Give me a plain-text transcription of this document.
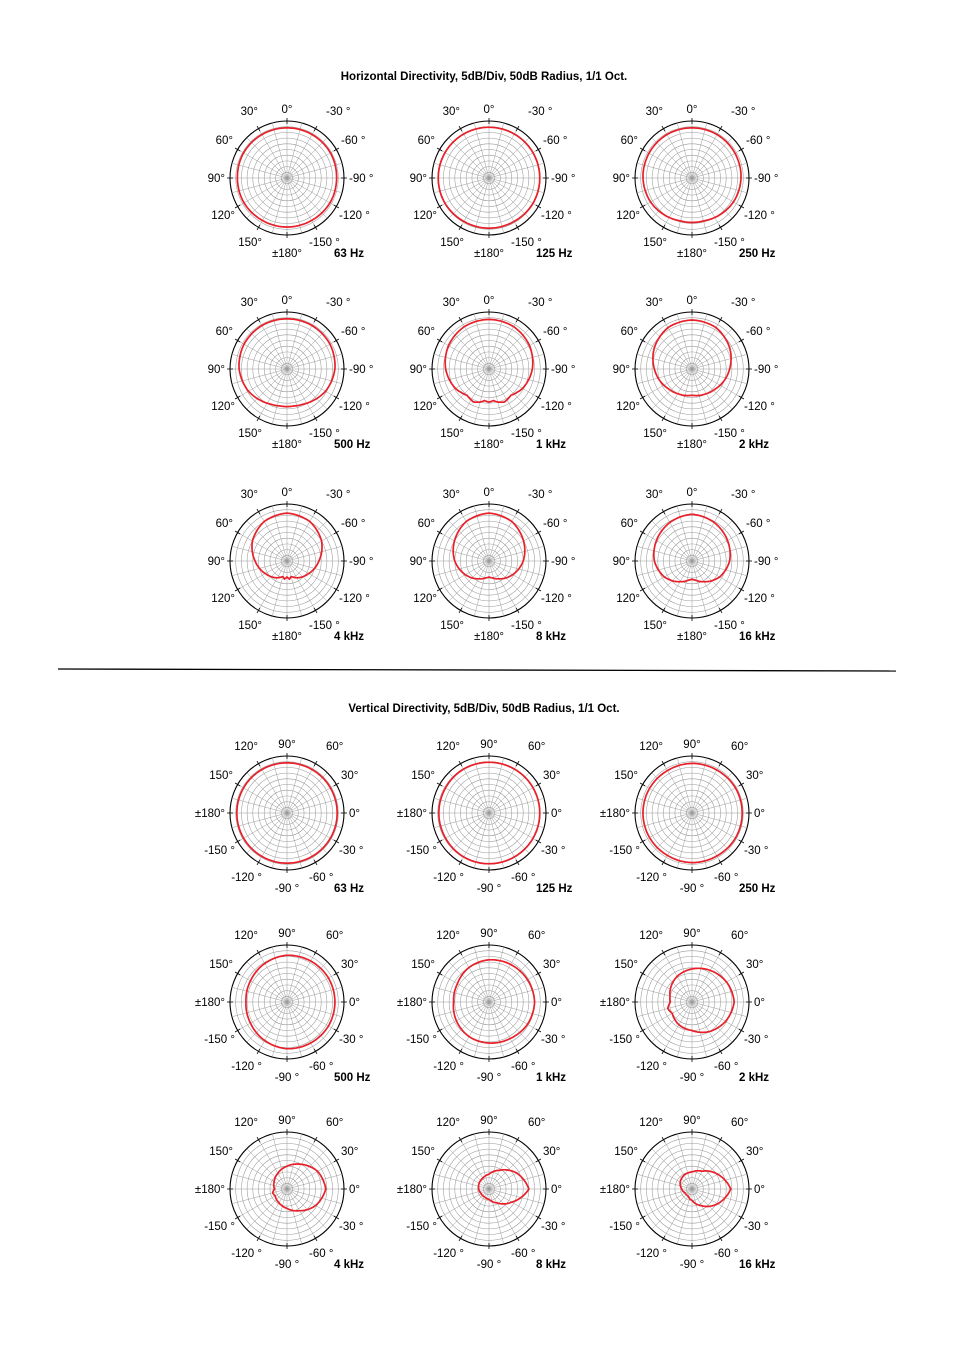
Horizontal Directivity, 5dB/Div, 50dB Radius, 1/1 Oct.
0°	-30 °
-60 °
-90 °
-120 °
-150 °
±180°
150°
120°
90°
60°
30°
63 Hz
0°	-30 °
-60 °
-90 °
-120 °
-150 °
±180°
150°
120°
90°
60°
30°
125 Hz
0°	-30 °
-60 °
-90 °
-120 °
-150 °
±180°
150°
120°
90°
60°
30°
250 Hz
0°	-30 °
-60 °
-90 °
-120 °
-150 °
±180°
150°
120°
90°
60°
30°
500 Hz
0°	-30 °
-60 °
-90 °
-120 °
-150 °
±180°
150°
120°
90°
60°
30°
1 kHz
0°	-30 °
-60 °
-90 °
-120 °
-150 °
±180°
150°
120°
90°
60°
30°
2 kHz
0°	-30 °
-60 °
-90 °
-120 °
-150 °
±180°
150°
120°
90°
60°
30°
4 kHz
0°	-30 °
-60 °
-90 °
-120 °
-150 °
±180°
150°
120°
90°
60°
30°
8 kHz
0°	-30 °
-60 °
-90 °
-120 °
-150 °
±180°
150°
120°
90°
60°
30°
16 kHz
Vertical Directivity, 5dB/Div, 50dB Radius, 1/1 Oct.
90°	60°
30°
0°
-30 °
-60 °
-90 °
-120 °
-150 °
±180°
150°
120°
63 Hz
90°	60°
30°
0°
-30 °
-60 °
-90 °
-120 °
-150 °
±180°
150°
120°
125 Hz
90°	60°
30°
0°
-30 °
-60 °
-90 °
-120 °
-150 °
±180°
150°
120°
250 Hz
90°	60°
30°
0°
-30 °
-60 °
-90 °
-120 °
-150 °
±180°
150°
120°
500 Hz
90°	60°
30°
0°
-30 °
-60 °
-90 °
-120 °
-150 °
±180°
150°
120°
1 kHz
90°	60°
30°
0°
-30 °
-60 °
-90 °
-120 °
-150 °
±180°
150°
120°
2 kHz
90°	60°
30°
0°
-30 °
-60 °
-90 °
-120 °
-150 °
±180°
150°
120°
4 kHz
90°	60°
30°
0°
-30 °
-60 °
-90 °
-120 °
-150 °
±180°
150°
120°
8 kHz
90°	60°
30°
0°
-30 °
-60 °
-90 °
-120 °
-150 °
±180°
150°
120°
16 kHz
